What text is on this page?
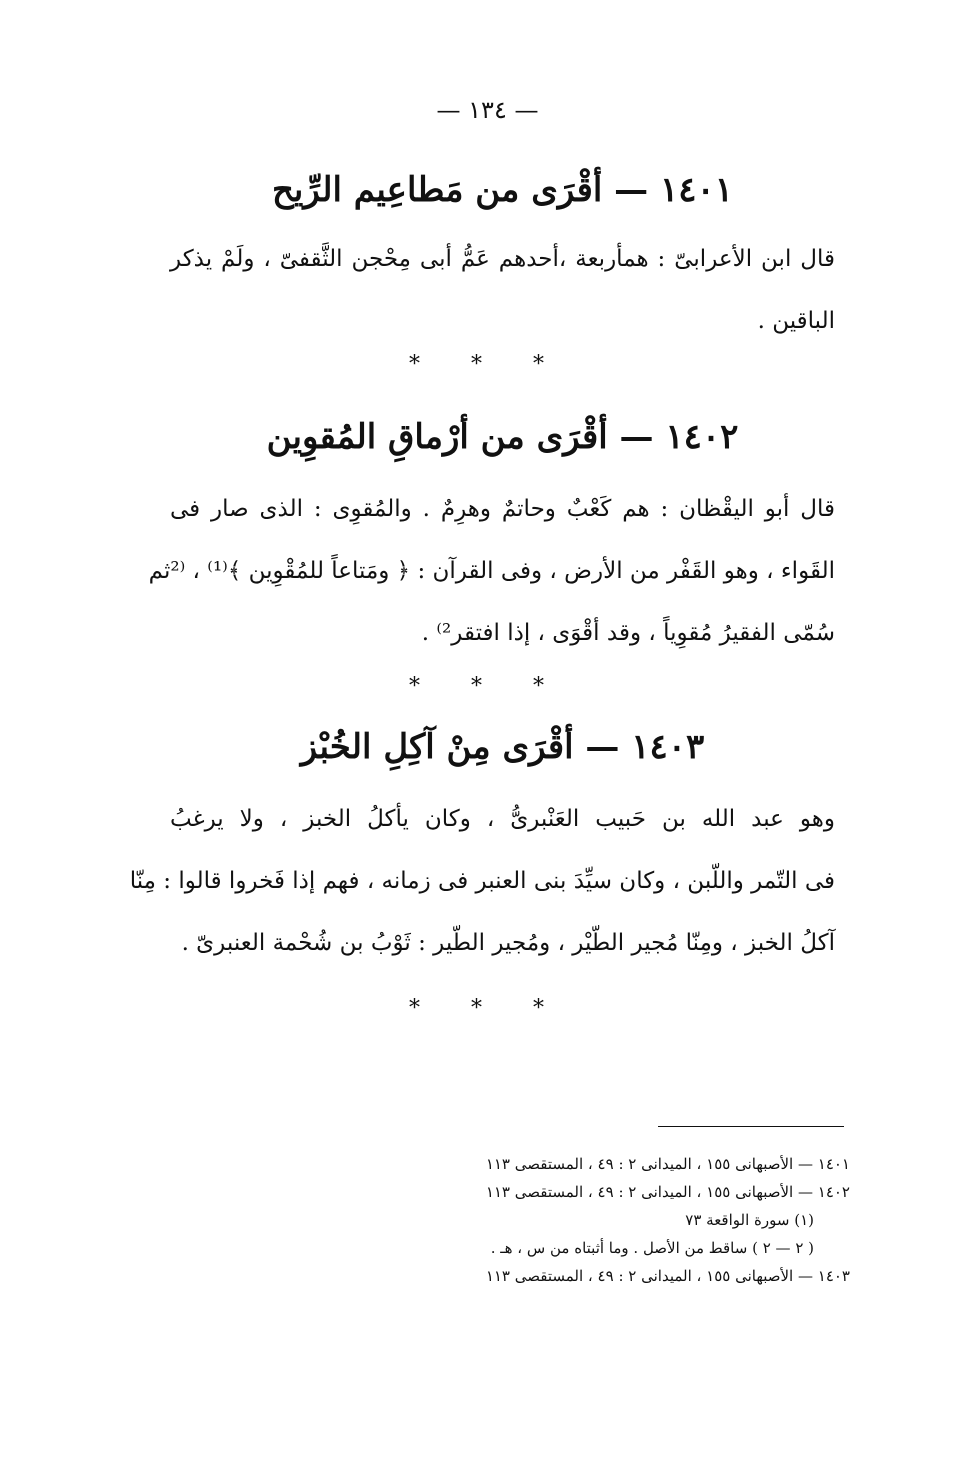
— ١٣٤ —
١٤٠١ — أقْرَى من مَطاعِيم الرِّيح
قال ابن الأعرابىّ : همأربعة ،أحدهم عَمُّ أبى مِحْجن الثَّقفىّ ، ولَمْ يذكر
الباقين .
* * *
١٤٠٢ — أقْرَى من أرْماقِ المُقوِين
قال أبو اليقْظان : هم كَعْبٌ وحاتمٌ وهرِمٌ . والمُقوِى : الذى صار فى
القَواء ، وهو القَفْر من الأرض ، وفى القرآن : ﴿ ومَتاعاً للمُقْوِين ﴾⁽¹⁾ ، ⁽²ثم
سُمّى الفقيرُ مُقوِياً ، وقد أقْوَى ، إذا افتقر²⁾ .
* * *
١٤٠٣ — أقْرَى مِنْ آكِلِ الخُبْز
وهو عبد الله بن حَبيب العَنْبرىُّ ، وكان يأكلُ الخبز ، ولا يرغبُ
فى التّمر واللّبن ، وكان سيِّدَ بنى العنبر فى زمانه ، فهم إذا فَخروا قالوا : مِنّا
آكلُ الخبز ، ومِنّا مُجير الطّيْر ، ومُجير الطّير : ثَوْبُ بن شُحْمة العنبرىّ .
* * *
١٤٠١ — الأصبهانى ١٥٥ ، الميدانى ٢ : ٤٩ ، المستقصى ١١٣
١٤٠٢ — الأصبهانى ١٥٥ ، الميدانى ٢ : ٤٩ ، المستقصى ١١٣
(١) سورة الواقعة ٧٣
( ٢ — ٢ ) ساقط من الأصل . وما أثبتاه من س ، هـ .
١٤٠٣ — الأصبهانى ١٥٥ ، الميدانى ٢ : ٤٩ ، المستقصى ١١٣
